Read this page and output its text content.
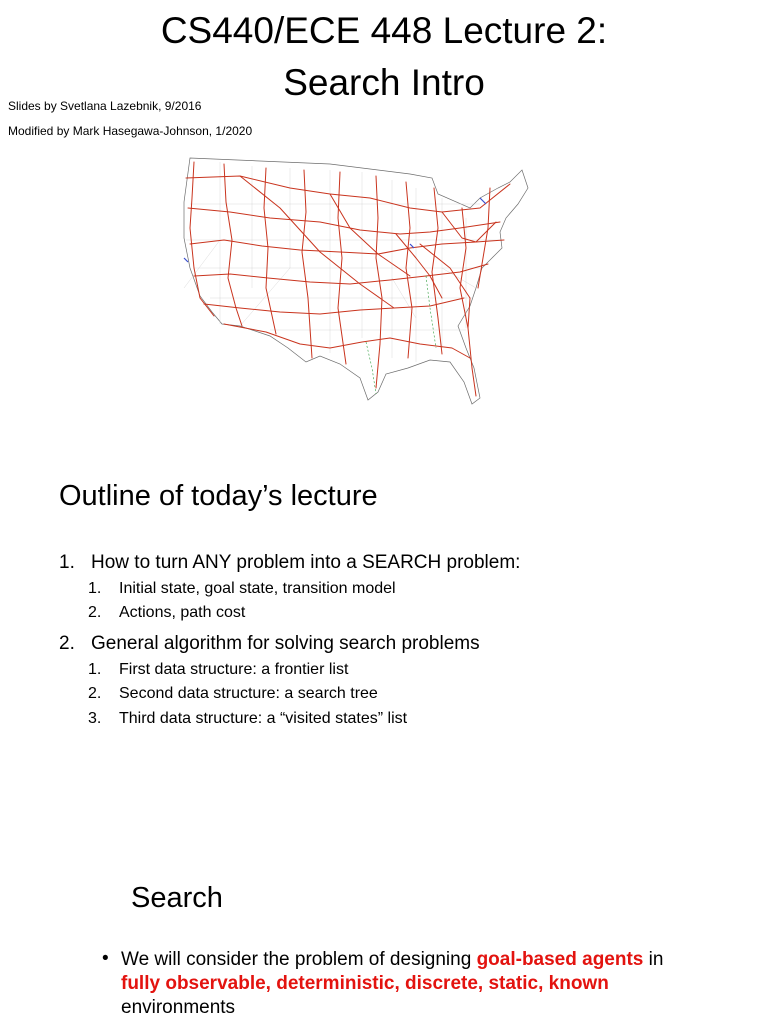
CS440/ECE 448 Lecture 2:
Search Intro
Slides by Svetlana Lazebnik, 9/2016
Modified by Mark Hasegawa-Johnson, 1/2020
Outline of today’s lecture
1. How to turn ANY problem into a SEARCH problem:
1. Initial state, goal state, transition model
2. Actions, path cost
2. General algorithm for solving search problems
1. First data structure: a frontier list
2. Second data structure: a search tree
3. Third data structure: a “visited states” list
Search
• We will consider the problem of designing goal-based agents in fully observable, deterministic, discrete, static, known environments
